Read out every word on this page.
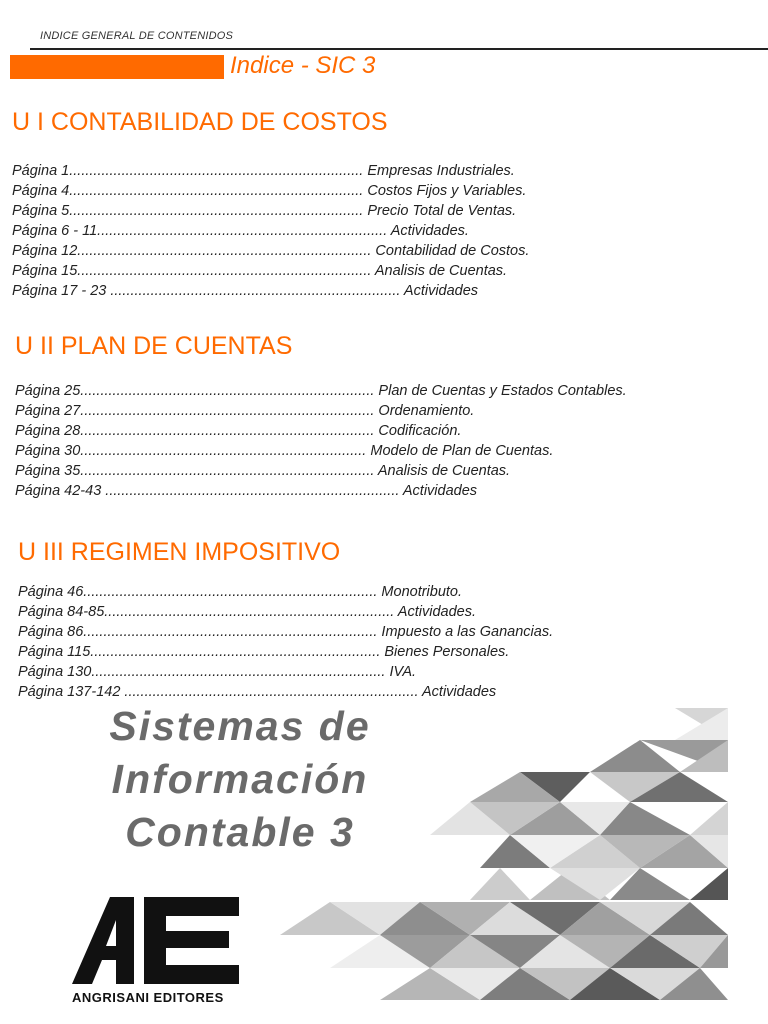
INDICE GENERAL DE CONTENIDOS
Indice - SIC 3
U I CONTABILIDAD DE COSTOS
Página 1......................................................................... Empresas Industriales.
Página 4......................................................................... Costos Fijos y Variables.
Página 5......................................................................... Precio Total de Ventas.
Página 6 - 11........................................................................ Actividades.
Página 12......................................................................... Contabilidad de Costos.
Página 15......................................................................... Analisis de Cuentas.
Página 17 - 23 ........................................................................ Actividades
U II PLAN DE CUENTAS
Página 25......................................................................... Plan de Cuentas y Estados Contables.
Página 27......................................................................... Ordenamiento.
Página 28......................................................................... Codificación.
Página 30....................................................................... Modelo de Plan de Cuentas.
Página 35......................................................................... Analisis de Cuentas.
Página 42-43 ......................................................................... Actividades
U III REGIMEN IMPOSITIVO
Página 46......................................................................... Monotributo.
Página 84-85........................................................................ Actividades.
Página 86......................................................................... Impuesto a las Ganancias.
Página 115........................................................................ Bienes Personales.
Página 130......................................................................... IVA.
Página 137-142 ......................................................................... Actividades
Sistemas de
Información
Contable 3
ANGRISANI EDITORES
